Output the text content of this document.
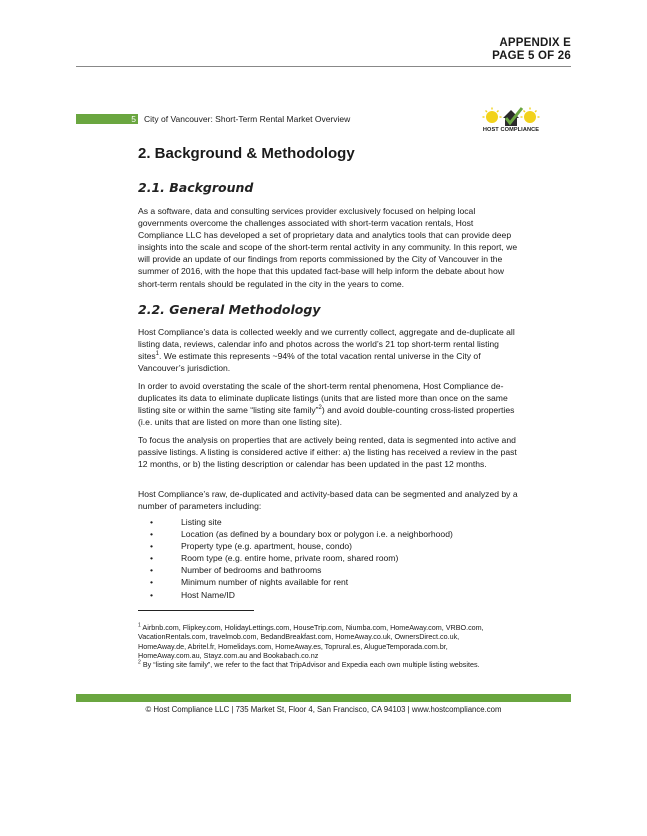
APPENDIX E
PAGE 5 OF 26
5 City of Vancouver: Short-Term Rental Market Overview
HOST COMPLIANCE
2. Background & Methodology
2.1. Background

As a software, data and consulting services provider exclusively focused on helping local governments overcome the challenges associated with short-term vacation rentals, Host Compliance LLC has developed a set of proprietary data and analytics tools that can provide deep insights into the scale and scope of the short-term rental activity in any community. In this report, we will provide an update of our findings from reports commissioned by the City of Vancouver in the summer of 2016, with the hope that this updated fact-base will help inform the debate about how short-term rentals should be regulated in the city in the years to come.

2.2. General Methodology

Host Compliance’s data is collected weekly and we currently collect, aggregate and de-duplicate all listing data, reviews, calendar info and photos across the world’s 21 top short-term rental listing sites$^1$. We estimate this represents ~94% of the total vacation rental universe in the City of Vancouver’s jurisdiction.

In order to avoid overstating the scale of the short-term rental phenomena, Host Compliance de-duplicates its data to eliminate duplicate listings (units that are listed more than once on the same listing site or within the same “listing site family”$^2$) and avoid double-counting cross-listed properties (i.e. units that are listed on more than one listing site).

To focus the analysis on properties that are actively being rented, data is segmented into active and passive listings. A listing is considered active if either: a) the listing has received a review in the past 12 months, or b) the listing description or calendar has been updated in the past 12 months.

Host Compliance’s raw, de-duplicated and activity-based data can be segmented and analyzed by a number of parameters including:

• Listing site
• Location (as defined by a boundary box or polygon i.e. a neighborhood)
• Property type (e.g. apartment, house, condo)
• Room type (e.g. entire home, private room, shared room)
• Number of bedrooms and bathrooms
• Minimum number of nights available for rent
• Host Name/ID

$^1$ Airbnb.com, Flipkey.com, HolidayLettings.com, HouseTrip.com, Niumba.com, HomeAway.com, VRBO.com, VacationRentals.com, travelmob.com, BedandBreakfast.com, HomeAway.co.uk, OwnersDirect.co.uk, HomeAway.de, Abritel.fr, Homelidays.com, HomeAway.es, Toprural.es, AlugueTemporada.com.br, HomeAway.com.au, Stayz.com.au and Bookabach.co.nz

$^2$ By “listing site family”, we refer to the fact that TripAdvisor and Expedia each own multiple listing websites.

© Host Compliance LLC | 735 Market St, Floor 4, San Francisco, CA 94103 | www.hostcompliance.com
